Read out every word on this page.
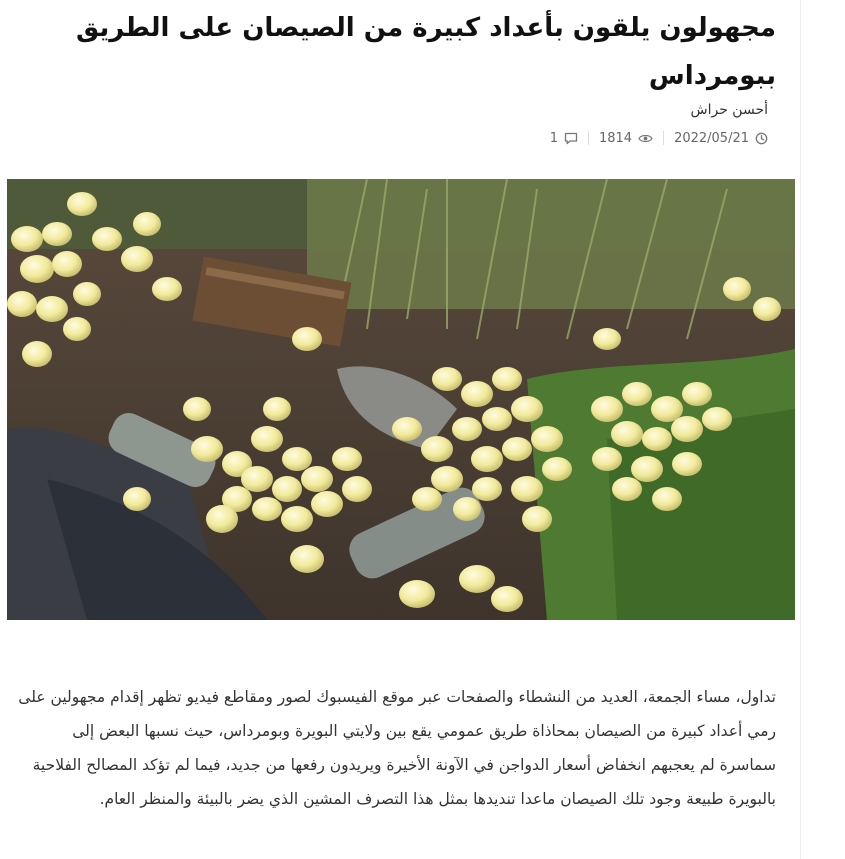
مجهولون يلقون بأعداد كبيرة من الصيصان على الطريق ببومرداس
أحسن حراش
2022/05/21
1814
1

تداول، مساء الجمعة، العديد من النشطاء والصفحات عبر موقع الفيسبوك لصور ومقاطع فيديو تظهر إقدام مجهولين على رمي أعداد كبيرة من الصيصان بمحاذاة طريق عمومي يقع بين ولايتي البويرة وبومرداس، حيث نسبها البعض إلى سماسرة لم يعجبهم انخفاض أسعار الدواجن في الآونة الأخيرة ويريدون رفعها من جديد، فيما لم تؤكد المصالح الفلاحية بالبويرة طبيعة وجود تلك الصيصان ماعدا تنديدها بمثل هذا التصرف المشين الذي يضر بالبيئة والمنظر العام.
